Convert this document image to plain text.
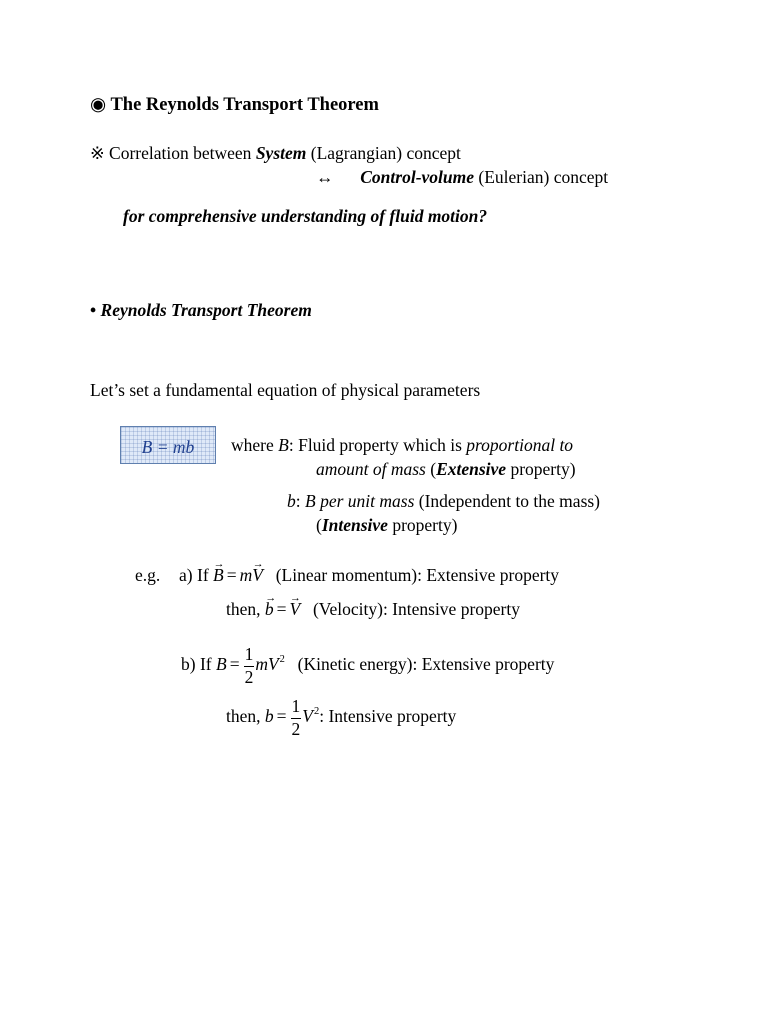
◉ The Reynolds Transport Theorem
※ Correlation between System (Lagrangian) concept
↔ Control-volume (Eulerian) concept
for comprehensive understanding of fluid motion?
• Reynolds Transport Theorem
Let’s set a fundamental equation of physical parameters
B = mb	where B: Fluid property which is proportional to
amount of mass (Extensive property)
b: B per unit mass (Independent to the mass)
(Intensive property)
e.g. a) If → B = m→ V (Linear momentum): Extensive property
then, → b = → V (Velocity): Intensive property
b) If $B = \frac{1}{2} mV^2$ (Kinetic energy): Extensive property
then, $b = \frac{1}{2} V^2$: Intensive property
